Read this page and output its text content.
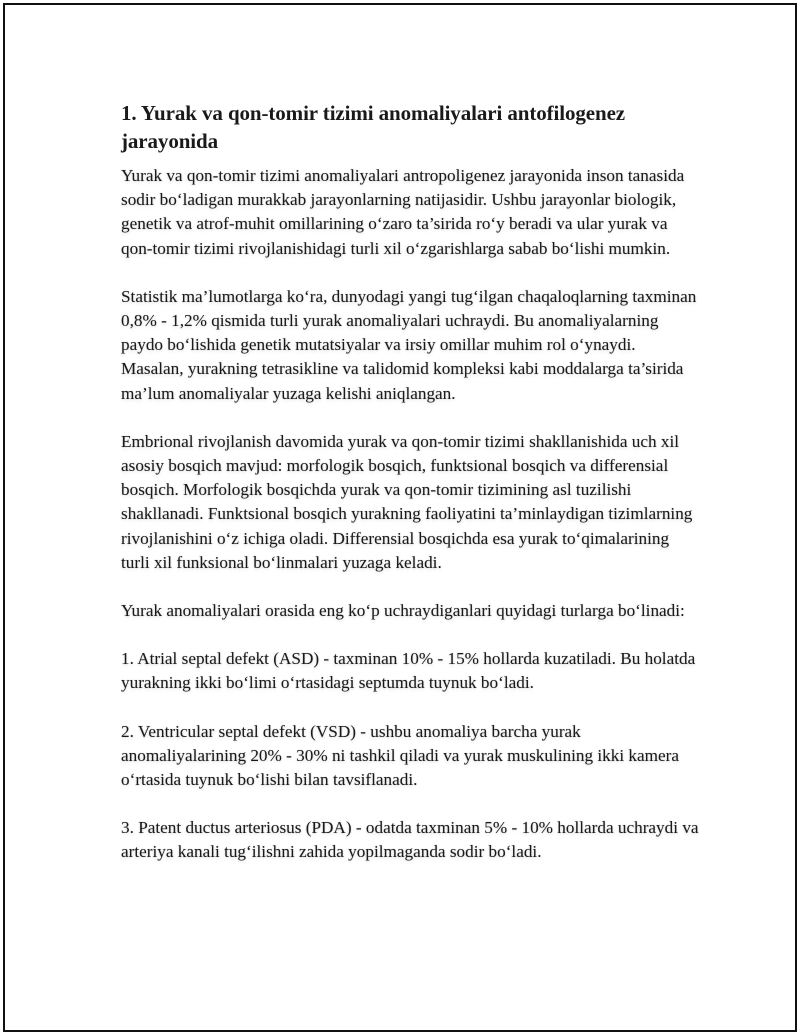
1. Yurak va qon-tomir tizimi anomaliyalari antofilogenez jarayonida

Yurak va qon-tomir tizimi anomaliyalari antropoligenez jarayonida inson tanasida sodir bo‘ladigan murakkab jarayonlarning natijasidir. Ushbu jarayonlar biologik, genetik va atrof-muhit omillarining o‘zaro ta’sirida ro‘y beradi va ular yurak va qon-tomir tizimi rivojlanishidagi turli xil o‘zgarishlarga sabab bo‘lishi mumkin.

Statistik ma’lumotlarga ko‘ra, dunyodagi yangi tug‘ilgan chaqaloqlarning taxminan 0,8% - 1,2% qismida turli yurak anomaliyalari uchraydi. Bu anomaliyalarning paydo bo‘lishida genetik mutatsiyalar va irsiy omillar muhim rol o‘ynaydi. Masalan, yurakning tetrasikline va talidomid kompleksi kabi moddalarga ta’sirida ma’lum anomaliyalar yuzaga kelishi aniqlangan.

Embrional rivojlanish davomida yurak va qon-tomir tizimi shakllanishida uch xil asosiy bosqich mavjud: morfologik bosqich, funktsional bosqich va differensial bosqich. Morfologik bosqichda yurak va qon-tomir tizimining asl tuzilishi shakllanadi. Funktsional bosqich yurakning faoliyatini ta’minlaydigan tizimlarning rivojlanishini o‘z ichiga oladi. Differensial bosqichda esa yurak to‘qimalarining turli xil funksional bo‘linmalari yuzaga keladi.

Yurak anomaliyalari orasida eng ko‘p uchraydiganlari quyidagi turlarga bo‘linadi:

1. Atrial septal defekt (ASD) - taxminan 10% - 15% hollarda kuzatiladi. Bu holatda yurakning ikki bo‘limi o‘rtasidagi septumda tuynuk bo‘ladi.

2. Ventricular septal defekt (VSD) - ushbu anomaliya barcha yurak anomaliyalarining 20% - 30% ni tashkil qiladi va yurak muskulining ikki kamera o‘rtasida tuynuk bo‘lishi bilan tavsiflanadi.

3. Patent ductus arteriosus (PDA) - odatda taxminan 5% - 10% hollarda uchraydi va arteriya kanali tug‘ilishni zahida yopilmaganda sodir bo‘ladi.
